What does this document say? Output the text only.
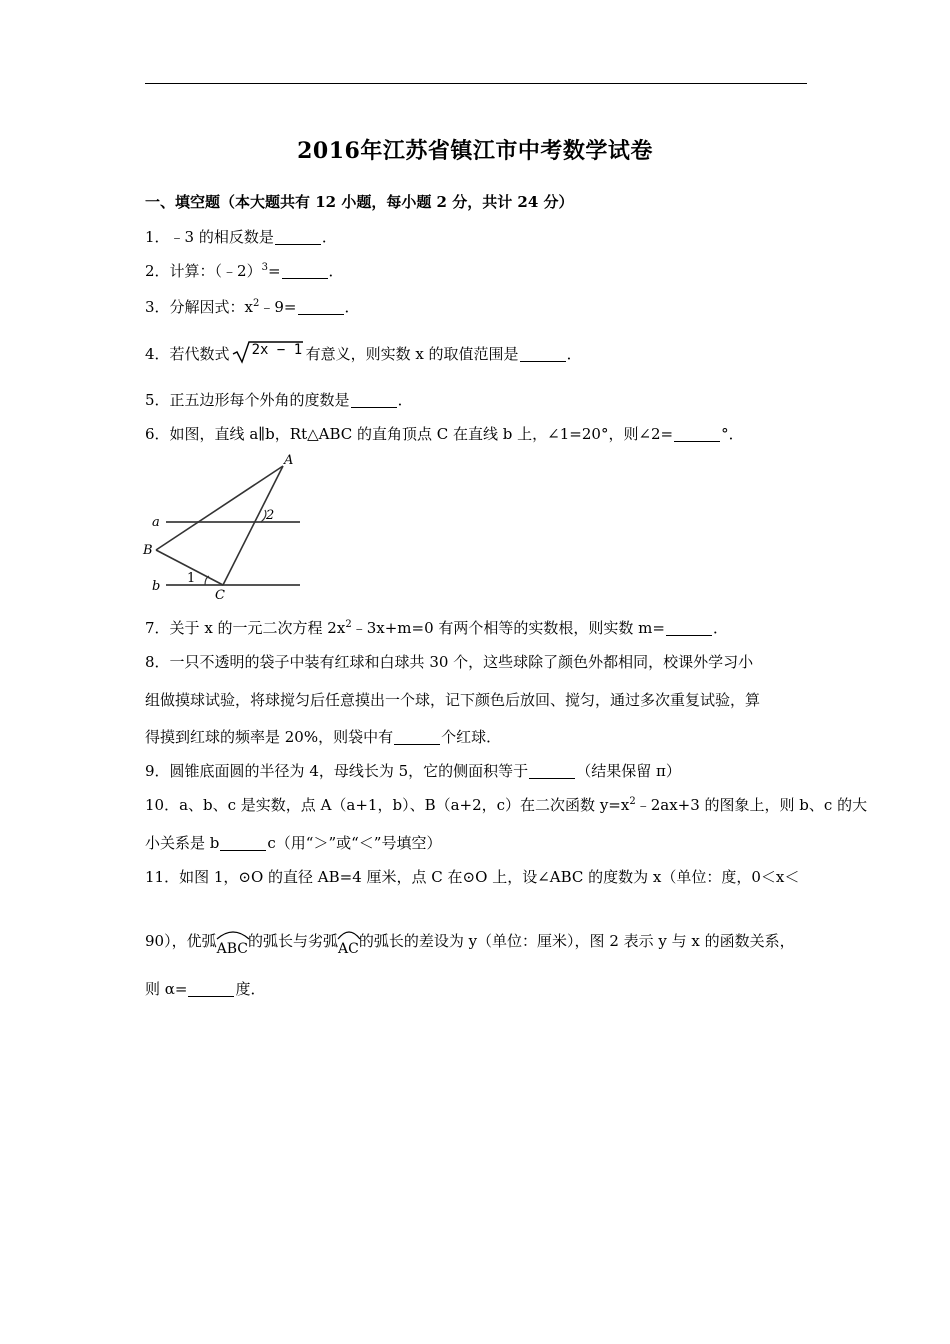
2016年江苏省镇江市中考数学试卷
一、填空题（本大题共有 12 小题，每小题 2 分，共计 24 分）
1．﹣3 的相反数是	．
2．计算：（﹣2）$^3$=	．
3．分解因式：$x^2﹣9=$	．
4．若代数式 2x − 1 有意义，则实数 x 的取值范围是	．
5．正五边形每个外角的度数是	．
6．如图，直线 a∥b，Rt△ABC 的直角顶点 C 在直线 b 上，∠1=20°，则∠2=	°．
A
B
C
a
b
1
2
7．关于 x 的一元二次方程 $2x^2﹣3x+m=0$ 有两个相等的实数根，则实数 m=	．
8．一只不透明的袋子中装有红球和白球共 30 个，这些球除了颜色外都相同，校课外学习小
组做摸球试验，将球搅匀后任意摸出一个球，记下颜色后放回、搅匀，通过多次重复试验，算
得摸到红球的频率是 20%，则袋中有	个红球．
9．圆锥底面圆的半径为 4，母线长为 5，它的侧面积等于	（结果保留 π）
10．a、b、c 是实数，点 A（a+1，b）、B（a+2，c）在二次函数 $y=x^2﹣2ax+3$ 的图象上，则 b、c 的大
小关系是 b	c（用“＞”或“＜”号填空）
11．如图 1，⊙O 的直径 AB=4 厘米，点 C 在⊙O 上，设∠ABC 的度数为 x（单位：度，0＜x＜
90），优弧
ABC的弧长与劣弧
AC的弧长的差设为 y（单位：厘米），图 2 表示 y 与 x 的函数关系，
则 α=	度．
